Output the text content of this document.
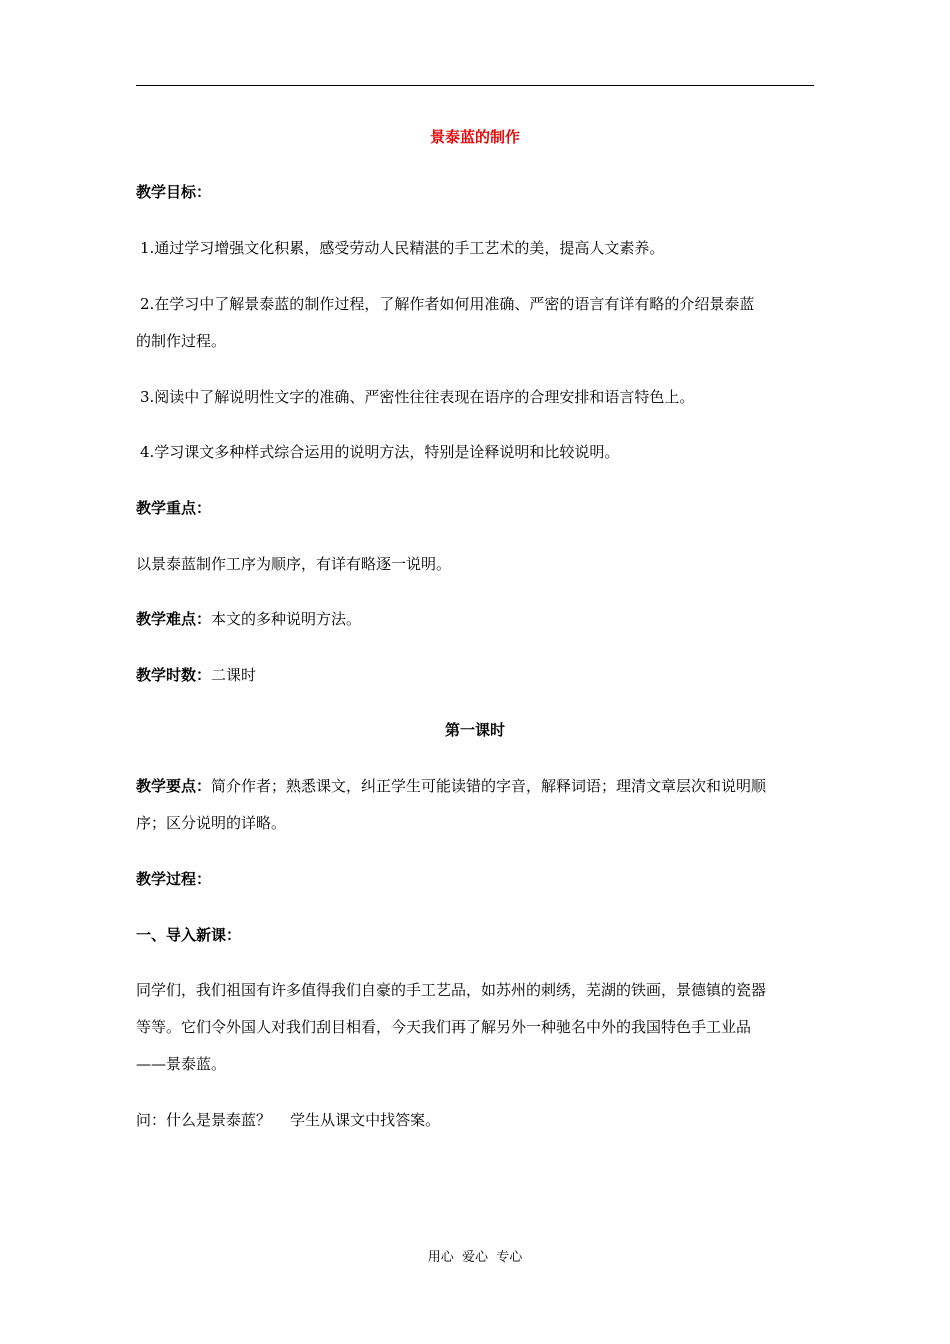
景泰蓝的制作
教学目标：
1.通过学习增强文化积累，感受劳动人民精湛的手工艺术的美，提高人文素养。
2.在学习中了解景泰蓝的制作过程，了解作者如何用准确、严密的语言有详有略的介绍景泰蓝
的制作过程。
3.阅读中了解说明性文字的准确、严密性往往表现在语序的合理安排和语言特色上。
4.学习课文多种样式综合运用的说明方法，特别是诠释说明和比较说明。
教学重点：
以景泰蓝制作工序为顺序，有详有略逐一说明。
教学难点：本文的多种说明方法。
教学时数：二课时
第一课时
教学要点：简介作者；熟悉课文，纠正学生可能读错的字音，解释词语；理清文章层次和说明顺
序；区分说明的详略。
教学过程：
一、导入新课：
同学们，我们祖国有许多值得我们自豪的手工艺品，如苏州的刺绣，芜湖的铁画，景德镇的瓷器
等等。它们令外国人对我们刮目相看，今天我们再了解另外一种驰名中外的我国特色手工业品
——景泰蓝。
问：什么是景泰蓝？    学生从课文中找答案。
用心  爱心  专心
